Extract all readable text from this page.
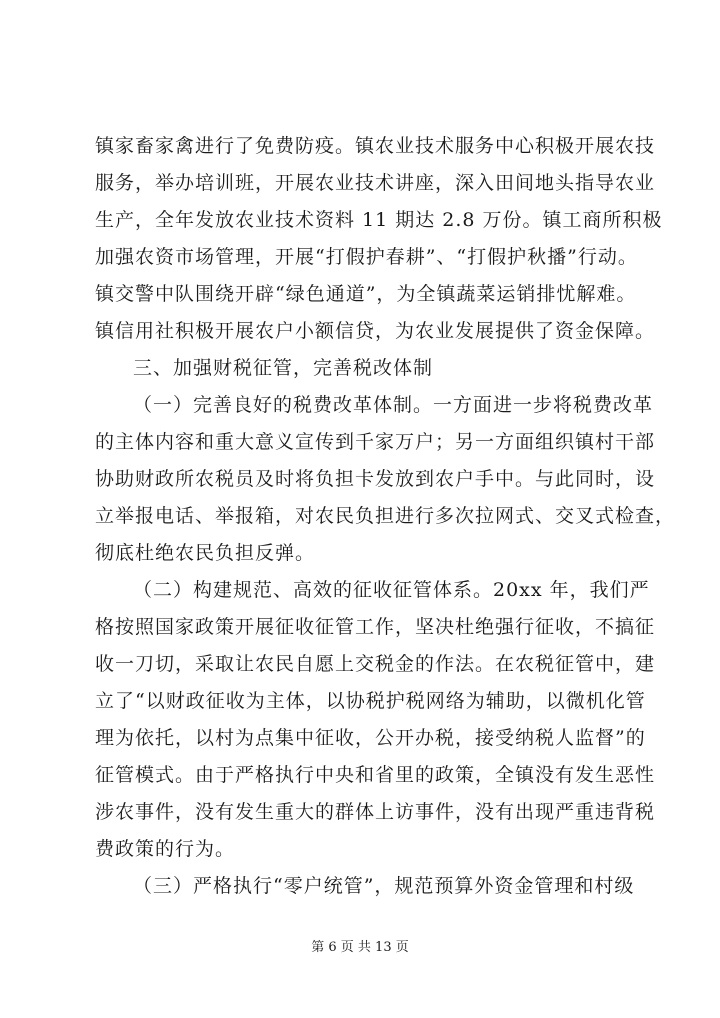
镇家畜家禽进行了免费防疫。镇农业技术服务中心积极开展农技
服务，举办培训班，开展农业技术讲座，深入田间地头指导农业
生产，全年发放农业技术资料 11 期达 2.8 万份。镇工商所积极
加强农资市场管理，开展“打假护春耕”、“打假护秋播”行动。
镇交警中队围绕开辟“绿色通道”，为全镇蔬菜运销排忧解难。
镇信用社积极开展农户小额信贷，为农业发展提供了资金保障。
三、加强财税征管，完善税改体制
（一）完善良好的税费改革体制。一方面进一步将税费改革
的主体内容和重大意义宣传到千家万户；另一方面组织镇村干部
协助财政所农税员及时将负担卡发放到农户手中。与此同时，设
立举报电话、举报箱，对农民负担进行多次拉网式、交叉式检查，
彻底杜绝农民负担反弹。
（二）构建规范、高效的征收征管体系。20xx 年，我们严
格按照国家政策开展征收征管工作，坚决杜绝强行征收，不搞征
收一刀切，采取让农民自愿上交税金的作法。在农税征管中，建
立了“以财政征收为主体，以协税护税网络为辅助，以微机化管
理为依托，以村为点集中征收，公开办税，接受纳税人监督”的
征管模式。由于严格执行中央和省里的政策，全镇没有发生恶性
涉农事件，没有发生重大的群体上访事件，没有出现严重违背税
费政策的行为。
（三）严格执行“零户统管”，规范预算外资金管理和村级
第 6 页 共 13 页
